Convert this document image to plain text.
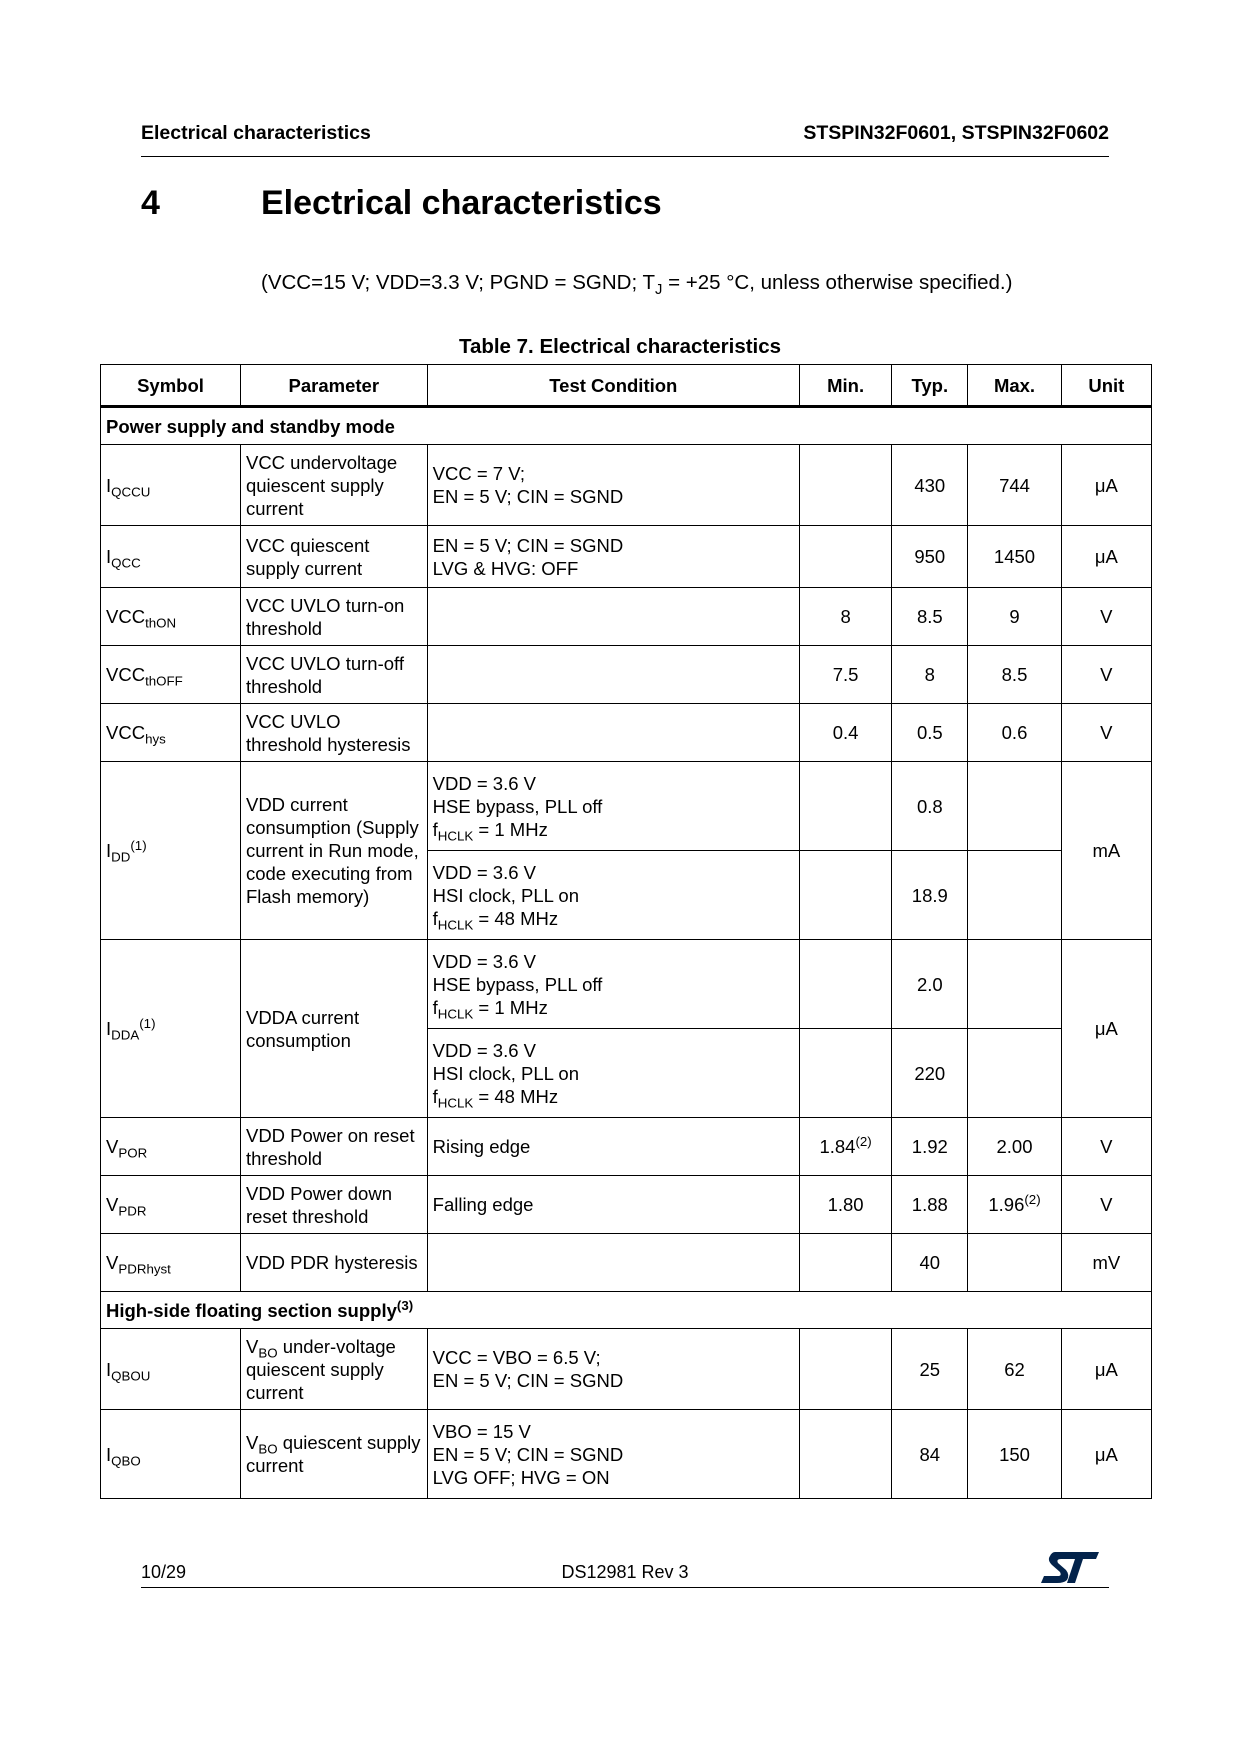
Electrical characteristics	STSPIN32F0601, STSPIN32F0602
4	Electrical characteristics
(VCC=15 V; VDD=3.3 V; PGND = SGND; $T_J = +25$ °C, unless otherwise specified.)
Table 7. Electrical characteristics
Symbol	Parameter	Test Condition	Min.	Typ.	Max.	Unit
Power supply and standby mode						
$I_{QCCU}$	VCC undervoltage quiescent supply current	VCC = 7 V;
EN = 5 V; CIN = SGND		430	744	μA
$I_{QCC}$	VCC quiescent supply current	EN = 5 V; CIN = SGND
LVG & HVG: OFF		950	1450	μA
$VCC_{thON}$	VCC UVLO turn-on threshold		8	8.5	9	V
$VCC_{thOFF}$	VCC UVLO turn-off threshold		7.5	8	8.5	V
$VCC_{hys}$	VCC UVLO threshold hysteresis		0.4	0.5	0.6	V
$I_{DD}^{(1)}$	VDD current consumption (Supply current in Run mode, code executing from Flash memory)	VDD = 3.6 V
HSE bypass, PLL off
$f_{HCLK} = 1$ MHz		0.8		mA

		VDD = 3.6 V
HSI clock, PLL on
$f_{HCLK} = 48$ MHz		18.9		
$I_{DDA}^{(1)}$	VDDA current consumption	VDD = 3.6 V
HSE bypass, PLL off
$f_{HCLK} = 1$ MHz		2.0		μA

		VDD = 3.6 V
HSI clock, PLL on
$f_{HCLK} = 48$ MHz		220		
$V_{POR}$	VDD Power on reset threshold	Rising edge	1.84$^{(2)}$	1.92	2.00	V
$V_{PDR}$	VDD Power down reset threshold	Falling edge	1.80	1.88	1.96$^{(2)}$	V
$V_{PDRhyst}$	VDD PDR hysteresis			40		mV
High-side floating section supply$^{(3)}$
$I_{QBOU}$	$V_{BO}$ under-voltage quiescent supply current	VCC = VBO = 6.5 V;
EN = 5 V; CIN = SGND		25	62	μA
$I_{QBO}$	$V_{BO}$ quiescent supply current	VBO = 15 V
EN = 5 V; CIN = SGND
LVG OFF; HVG = ON		84	150	μA
10/29	DS12981 Rev 3
